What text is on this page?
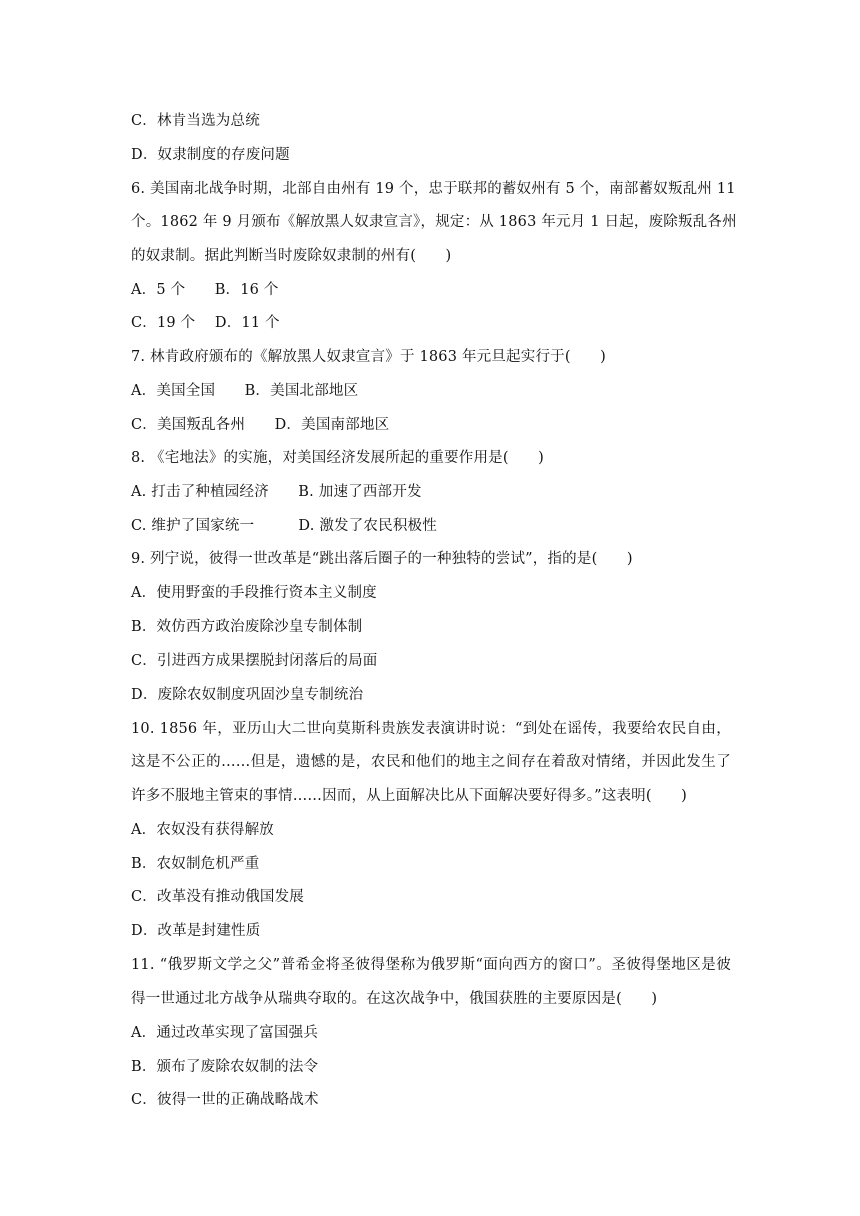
C．林肯当选为总统
D．奴隶制度的存废问题
6. 美国南北战争时期，北部自由州有 19 个，忠于联邦的蓄奴州有 5 个，南部蓄奴叛乱州 11
个。1862 年 9 月颁布《解放黑人奴隶宣言》，规定：从 1863 年元月 1 日起，废除叛乱各州
的奴隶制。据此判断当时废除奴隶制的州有(　　)
A．5 个　　B．16 个
C．19 个　 D．11 个
7. 林肯政府颁布的《解放黑人奴隶宣言》于 1863 年元旦起实行于(　　)
A．美国全国　　B．美国北部地区
C．美国叛乱各州　　D．美国南部地区
8. 《宅地法》的实施，对美国经济发展所起的重要作用是(　　)
A. 打击了种植园经济　　B. 加速了西部开发
C. 维护了国家统一　　　D. 激发了农民积极性
9. 列宁说，彼得一世改革是“跳出落后圈子的一种独特的尝试”，指的是(　　)
A．使用野蛮的手段推行资本主义制度
B．效仿西方政治废除沙皇专制体制
C．引进西方成果摆脱封闭落后的局面
D．废除农奴制度巩固沙皇专制统治
10. 1856 年，亚历山大二世向莫斯科贵族发表演讲时说：“到处在谣传，我要给农民自由，
这是不公正的……但是，遗憾的是，农民和他们的地主之间存在着敌对情绪，并因此发生了
许多不服地主管束的事情……因而，从上面解决比从下面解决要好得多。”这表明(　　)
A．农奴没有获得解放
B．农奴制危机严重
C．改革没有推动俄国发展
D．改革是封建性质
11. “俄罗斯文学之父”普希金将圣彼得堡称为俄罗斯“面向西方的窗口”。圣彼得堡地区是彼
得一世通过北方战争从瑞典夺取的。在这次战争中，俄国获胜的主要原因是(　　)
A．通过改革实现了富国强兵
B．颁布了废除农奴制的法令
C．彼得一世的正确战略战术
